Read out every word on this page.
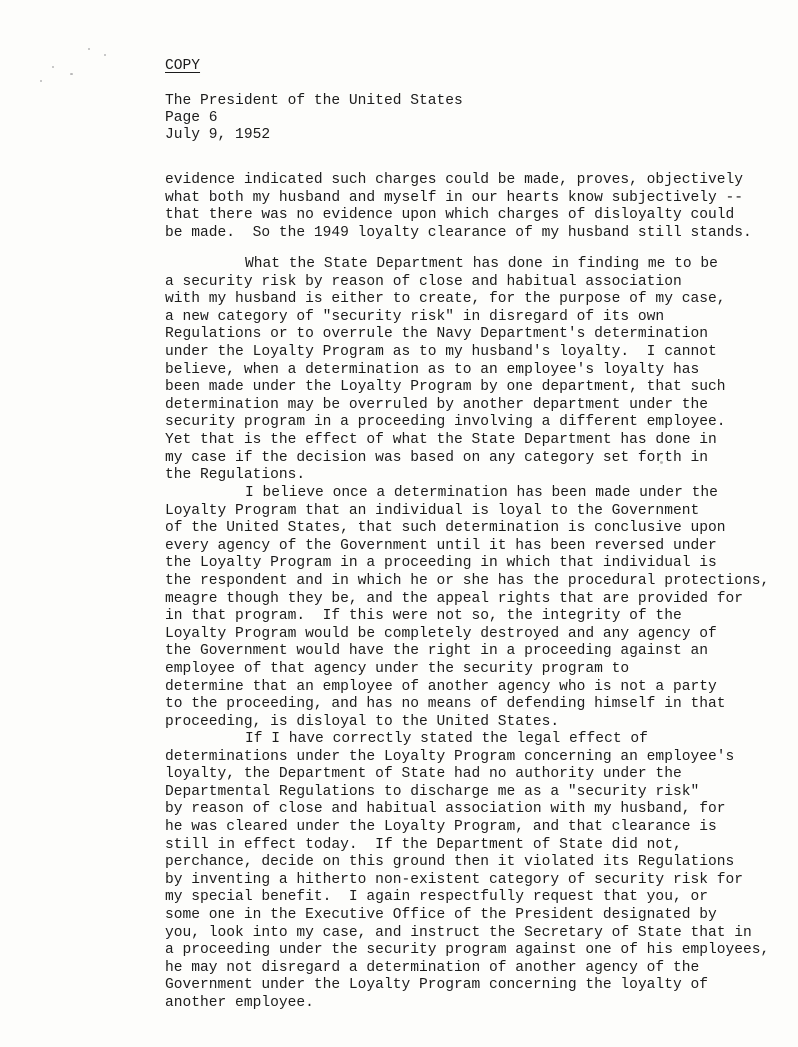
COPY
The President of the United States
Page 6
July 9, 1952
evidence indicated such charges could be made, proves, objectively
what both my husband and myself in our hearts know subjectively --
that there was no evidence upon which charges of disloyalty could
be made.  So the 1949 loyalty clearance of my husband still stands.
What the State Department has done in finding me to be
a security risk by reason of close and habitual association
with my husband is either to create, for the purpose of my case,
a new category of "security risk" in disregard of its own
Regulations or to overrule the Navy Department's determination
under the Loyalty Program as to my husband's loyalty.  I cannot
believe, when a determination as to an employee's loyalty has
been made under the Loyalty Program by one department, that such
determination may be overruled by another department under the
security program in a proceeding involving a different employee.
Yet that is the effect of what the State Department has done in
my case if the decision was based on any category set forth in
the Regulations.
I believe once a determination has been made under the
Loyalty Program that an individual is loyal to the Government
of the United States, that such determination is conclusive upon
every agency of the Government until it has been reversed under
the Loyalty Program in a proceeding in which that individual is
the respondent and in which he or she has the procedural protections,
meagre though they be, and the appeal rights that are provided for
in that program.  If this were not so, the integrity of the
Loyalty Program would be completely destroyed and any agency of
the Government would have the right in a proceeding against an
employee of that agency under the security program to
determine that an employee of another agency who is not a party
to the proceeding, and has no means of defending himself in that
proceeding, is disloyal to the United States.
If I have correctly stated the legal effect of
determinations under the Loyalty Program concerning an employee's
loyalty, the Department of State had no authority under the
Departmental Regulations to discharge me as a "security risk"
by reason of close and habitual association with my husband, for
he was cleared under the Loyalty Program, and that clearance is
still in effect today.  If the Department of State did not,
perchance, decide on this ground then it violated its Regulations
by inventing a hitherto non-existent category of security risk for
my special benefit.  I again respectfully request that you, or
some one in the Executive Office of the President designated by
you, look into my case, and instruct the Secretary of State that in
a proceeding under the security program against one of his employees,
he may not disregard a determination of another agency of the
Government under the Loyalty Program concerning the loyalty of
another employee.
